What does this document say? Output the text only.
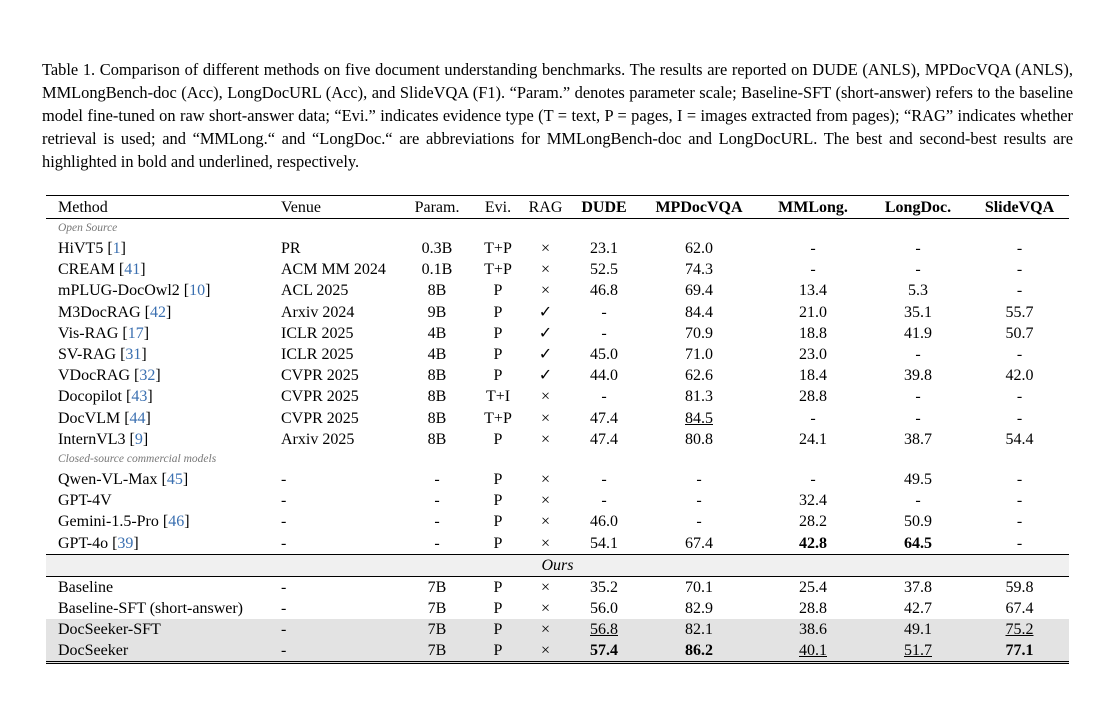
Table 1. Comparison of different methods on five document understanding benchmarks. The results are reported on DUDE (ANLS), MPDocVQA (ANLS), MMLongBench-doc (Acc), LongDocURL (Acc), and SlideVQA (F1). “Param.” denotes parameter scale; Baseline-SFT (short-answer) refers to the baseline model fine-tuned on raw short-answer data; “Evi.” indicates evidence type (T = text, P = pages, I = images extracted from pages); “RAG” indicates whether retrieval is used; and “MMLong.“ and “LongDoc.“ are abbreviations for MMLongBench-doc and LongDocURL. The best and second-best results are highlighted in bold and underlined, respectively.
Method	Venue	Param.	Evi.	RAG	DUDE	MPDocVQA	MMLong.	LongDoc.	SlideVQA
Open Source									
HiVT5 [1]	PR	0.3B	T+P	×	23.1	62.0	-	-	-
CREAM [41]	ACM MM 2024	0.1B	T+P	×	52.5	74.3	-	-	-
mPLUG-DocOwl2 [10]	ACL 2025	8B	P	×	46.8	69.4	13.4	5.3	-
M3DocRAG [42]	Arxiv 2024	9B	P	✓	-	84.4	21.0	35.1	55.7
Vis-RAG [17]	ICLR 2025	4B	P	✓	-	70.9	18.8	41.9	50.7
SV-RAG [31]	ICLR 2025	4B	P	✓	45.0	71.0	23.0	-	-
VDocRAG [32]	CVPR 2025	8B	P	✓	44.0	62.6	18.4	39.8	42.0
Docopilot [43]	CVPR 2025	8B	T+I	×	-	81.3	28.8	-	-
DocVLM [44]	CVPR 2025	8B	T+P	×	47.4	84.5	-	-	-
InternVL3 [9]	Arxiv 2025	8B	P	×	47.4	80.8	24.1	38.7	54.4
Closed-source commercial models									
Qwen-VL-Max [45]	-	-	P	×	-	-	-	49.5	-
GPT-4V	-	-	P	×	-	-	32.4	-	-
Gemini-1.5-Pro [46]	-	-	P	×	46.0	-	28.2	50.9	-
GPT-4o [39]	-	-	P	×	54.1	67.4	42.8	64.5	-
Ours									
Baseline	-	7B	P	×	35.2	70.1	25.4	37.8	59.8
Baseline-SFT (short-answer)	-	7B	P	×	56.0	82.9	28.8	42.7	67.4
DocSeeker-SFT	-	7B	P	×	56.8	82.1	38.6	49.1	75.2
DocSeeker	-	7B	P	×	57.4	86.2	40.1	51.7	77.1
